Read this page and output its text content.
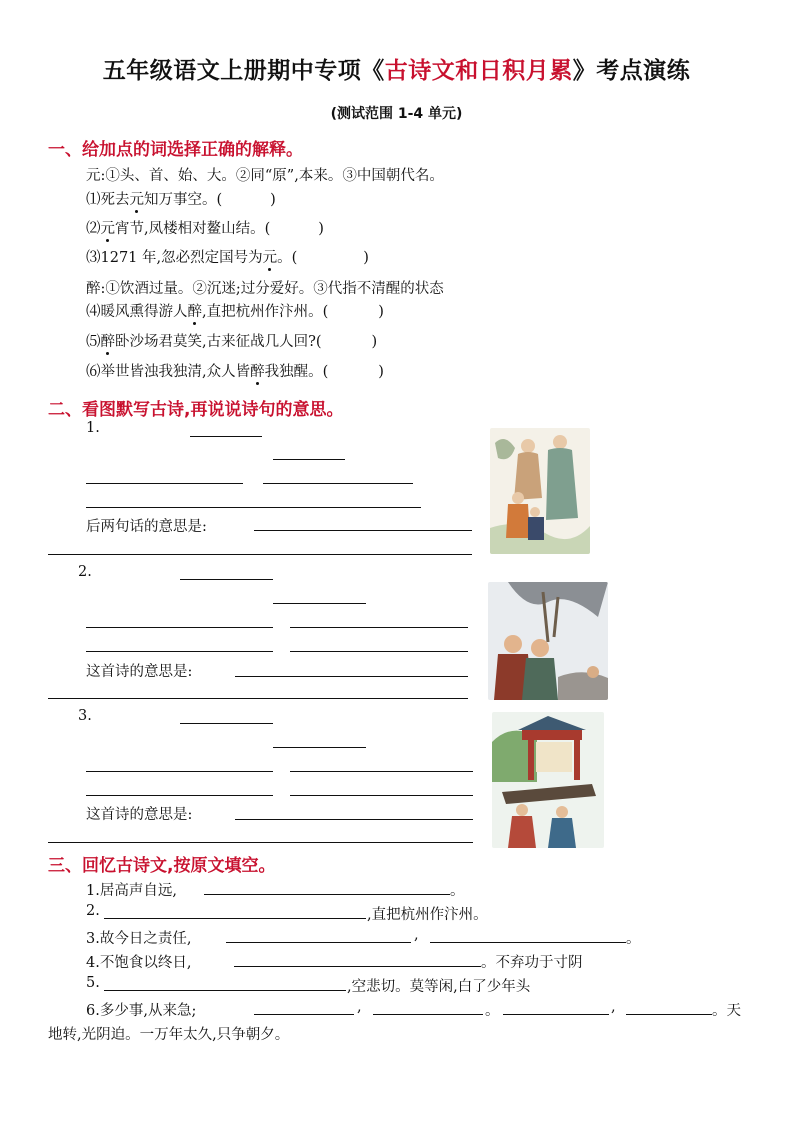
五年级语文上册期中专项《古诗文和日积月累》考点演练
(测试范围 1-4 单元)
一、给加点的词选择正确的解释。
元:①头、首、始、大。②同“原”,本来。③中国朝代名。
⑴死去元知万事空。(	)
⑵元宵节,凤楼相对鳌山结。(	)
⑶1271 年,忽必烈定国号为元。(	)
醉:①饮酒过量。②沉迷;过分爱好。③代指不清醒的状态
⑷暖风熏得游人醉,直把杭州作汴州。(	)
⑸醉卧沙场君莫笑,古来征战几人回?(	)
⑹举世皆浊我独清,众人皆醉我独醒。(	)
二、看图默写古诗,再说说诗句的意思。
1.
后两句话的意思是:
2.
这首诗的意思是:
3.
这首诗的意思是:
三、回忆古诗文,按原文填空。
1.居高声自远,	。
2.	,直把杭州作汴州。
3.故今日之责任,	,	。
4.不饱食以终日,	。不弃功于寸阴
5.	,空悲切。莫等闲,白了少年头
6.多少事,从来急;	,	。	,	。天
地转,光阴迫。一万年太久,只争朝夕。
